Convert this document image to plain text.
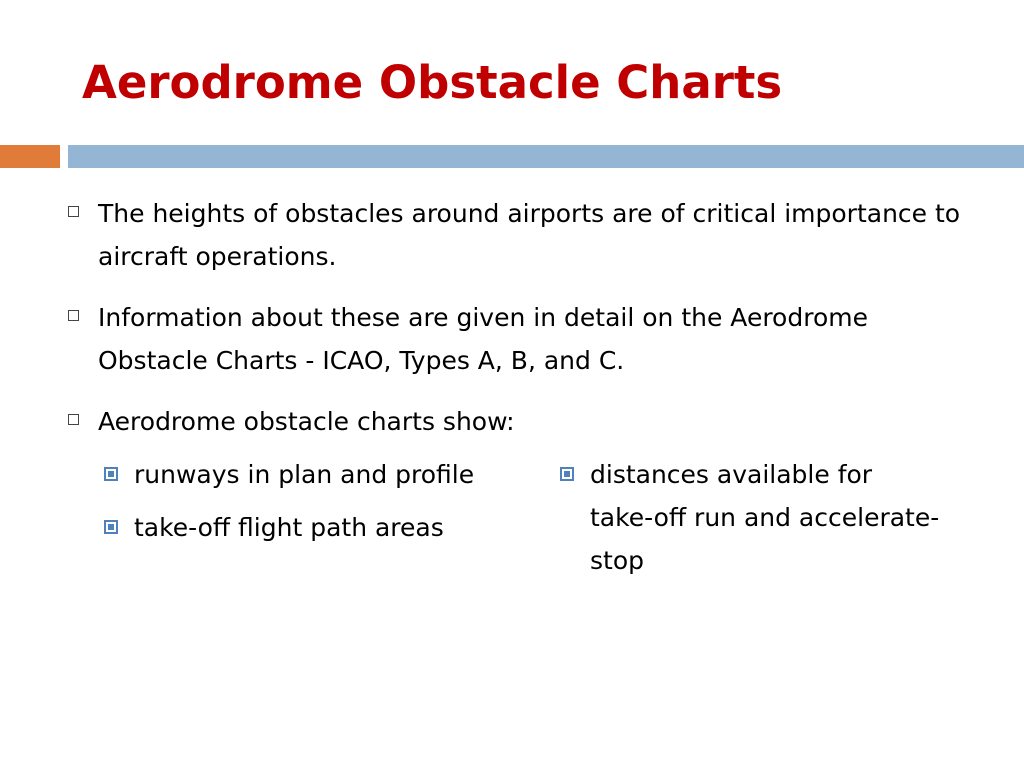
Aerodrome Obstacle Charts
The heights of obstacles around airports are of critical importance to aircraft operations.
Information about these are given in detail on the Aerodrome Obstacle Charts - ICAO, Types A, B, and C.
Aerodrome obstacle charts show:
runways in plan and profile
take-off flight path areas
distances available for take-off run and accelerate-stop
